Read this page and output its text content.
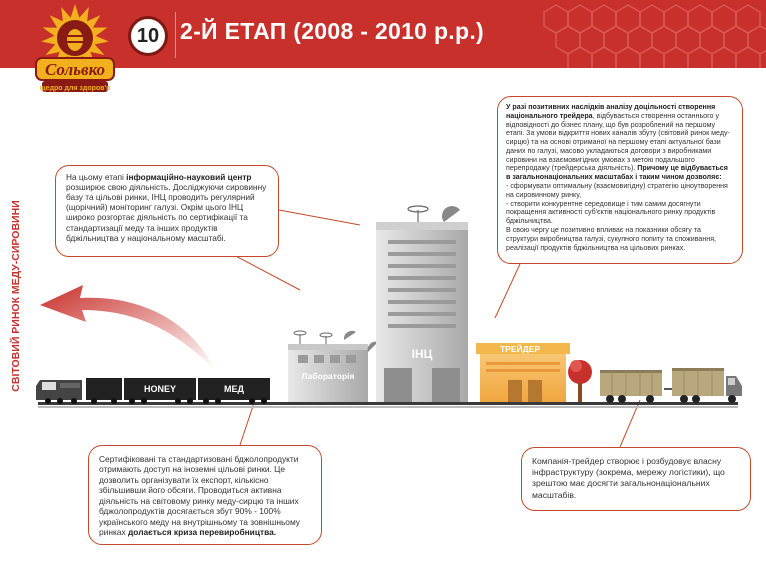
10 2-Й ЕТАП (2008 - 2010 р.р.)
Сольвко
щедро для здоров'я
СВІТОВИЙ РИНОК МЕДУ-СИРОВИНИ	HONEY	МЕД
Лабораторія
ІНЦ	ТРЕЙДЕР

На цьому етапі інформаційно-науковий центр розширює свою діяльність. Досліджуючи сировинну базу та цільові ринки, ІНЦ проводить регулярний (щорічний) моніторинг галузі. Окрім цього ІНЦ широко розгортає діяльність по сертифікації та стандартизації меду та інших продуктів бджільництва у національному масштабі.

У разі позитивних наслідків аналізу доцільності створення національного трейдера, відбувається створення останнього у відповідності до бізнес плану, що був розроблений на першому етапі. За умови відкриття нових каналів збуту (світовий ринок меду-сирцю) та на основі отриманої на першому етапі актуальної бази даних по галузі, масово укладаються договори з виробниками сировини на взаємовигідних умовах з метою подальшого перепродажу (трейдерська діяльність). Причому це відбувається в загальнонаціональних масштабах і таким чином дозволяє:

- сформувати оптимальну (взаємовигідну) стратегію ціноутворення на сировинному ринку,

- створити конкурентне середовище і тим самим досягнути покращення активності суб'єктів національного ринку продуктів бджільництва.

В свою чергу це позитивно впливає на показники обсягу та структури виробництва галузі, сукупного попиту та споживання, реалізації продуктів бджільництва на цільових ринках.

Сертифіковані та стандартизовані бджолопродукти отримають доступ на іноземні цільові ринки. Це дозволить організувати їх експорт, кількісно збільшивши його обсяги. Проводиться активна діяльність на світовому ринку меду-сирцю та інших бджолопродуктів досягається збут 90% - 100% українського меду на внутрішньому та зовнішньому ринках долається криза перевиробництва.

Компанія-трейдер створює і розбудовує власну інфраструктуру (зокрема, мережу логістики), що зрештою має досягти загальнонаціональних масштабів.
